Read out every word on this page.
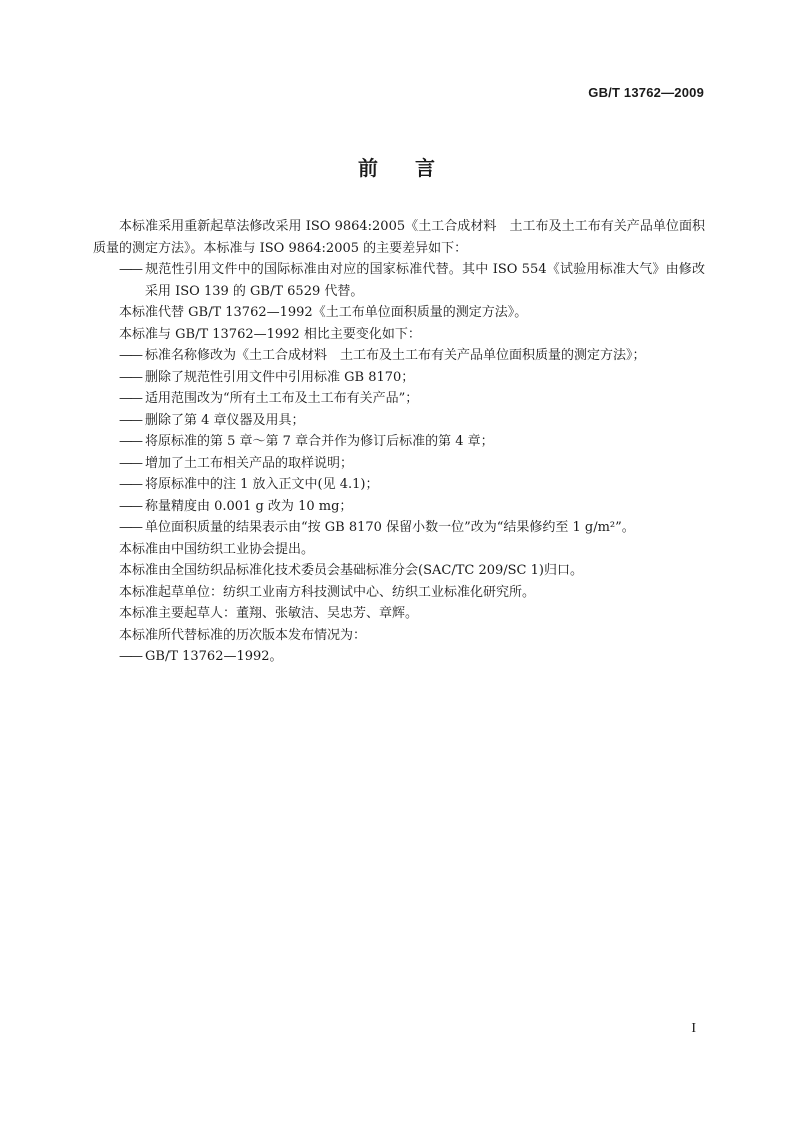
GB/T 13762—2009
前 言

本标准采用重新起草法修改采用 ISO 9864:2005《土工合成材料　土工布及土工布有关产品单位面积质量的测定方法》。本标准与 ISO 9864:2005 的主要差异如下：

—— 规范性引用文件中的国际标准由对应的国家标准代替。其中 ISO 554《试验用标准大气》由修改采用 ISO 139 的 GB/T 6529 代替。

本标准代替 GB/T 13762—1992《土工布单位面积质量的测定方法》。

本标准与 GB/T 13762—1992 相比主要变化如下：

—— 标准名称修改为《土工合成材料　土工布及土工布有关产品单位面积质量的测定方法》；

—— 删除了规范性引用文件中引用标准 GB 8170；

—— 适用范围改为“所有土工布及土工布有关产品”；

—— 删除了第 4 章仪器及用具；

—— 将原标准的第 5 章～第 7 章合并作为修订后标准的第 4 章；

—— 增加了土工布相关产品的取样说明；

—— 将原标准中的注 1 放入正文中(见 4.1)；

—— 称量精度由 0.001 g 改为 10 mg；

—— 单位面积质量的结果表示由“按 GB 8170 保留小数一位”改为“结果修约至 1 g/m²”。

本标准由中国纺织工业协会提出。

本标准由全国纺织品标准化技术委员会基础标准分会(SAC/TC 209/SC 1)归口。

本标准起草单位：纺织工业南方科技测试中心、纺织工业标准化研究所。

本标准主要起草人：董翔、张敏洁、吴忠芳、章辉。

本标准所代替标准的历次版本发布情况为：

—— GB/T 13762—1992。

I
